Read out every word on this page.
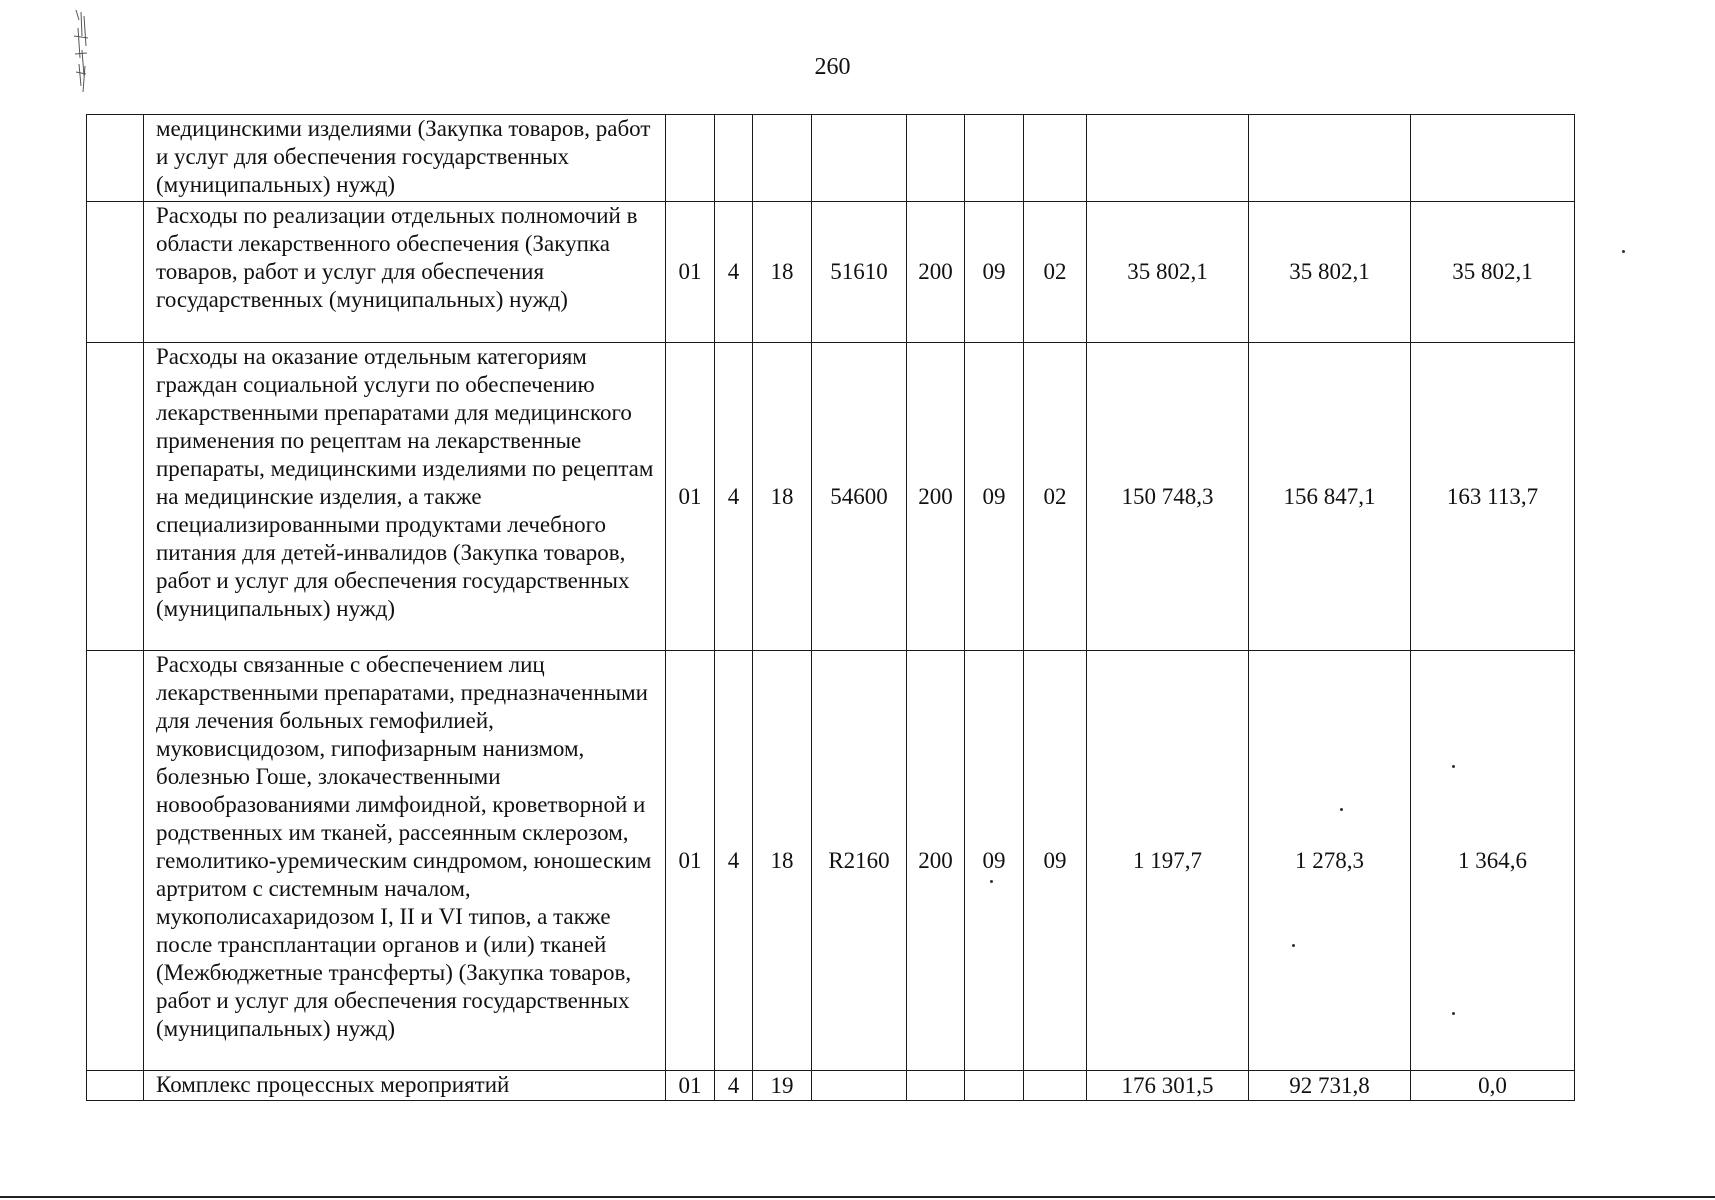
260
	медицинскими изделиями (Закупка товаров, работ и услуг для обеспечения государственных (муниципальных) нужд)										
	Расходы по реализации отдельных полномочий в области лекарственного обеспечения (Закупка товаров, работ и услуг для обеспечения государственных (муниципальных) нужд)	01	4	18	51610	200	09	02	35 802,1	35 802,1	35 802,1
	Расходы на оказание отдельным категориям граждан социальной услуги по обеспечению лекарственными препаратами для медицинского применения по рецептам на лекарственные препараты, медицинскими изделиями по рецептам на медицинские изделия, а также специализированными продуктами лечебного питания для детей-инвалидов (Закупка товаров, работ и услуг для обеспечения государственных (муниципальных) нужд)	01	4	18	54600	200	09	02	150 748,3	156 847,1	163 113,7
	Расходы связанные с обеспечением лиц лекарственными препаратами, предназначенными для лечения больных гемофилией, муковисцидозом, гипофизарным нанизмом, болезнью Гоше, злокачественными новообразованиями лимфоидной, кроветворной и родственных им тканей, рассеянным склерозом, гемолитико-уремическим синдромом, юношеским артритом с системным началом, мукополисахаридозом I, II и VI типов, а также после трансплантации органов и (или) тканей (Межбюджетные трансферты) (Закупка товаров, работ и услуг для обеспечения государственных (муниципальных) нужд)	01	4	18	R2160	200	09	09	1 197,7	1 278,3	1 364,6
	Комплекс процессных мероприятий	01	4	19					176 301,5	92 731,8	0,0
